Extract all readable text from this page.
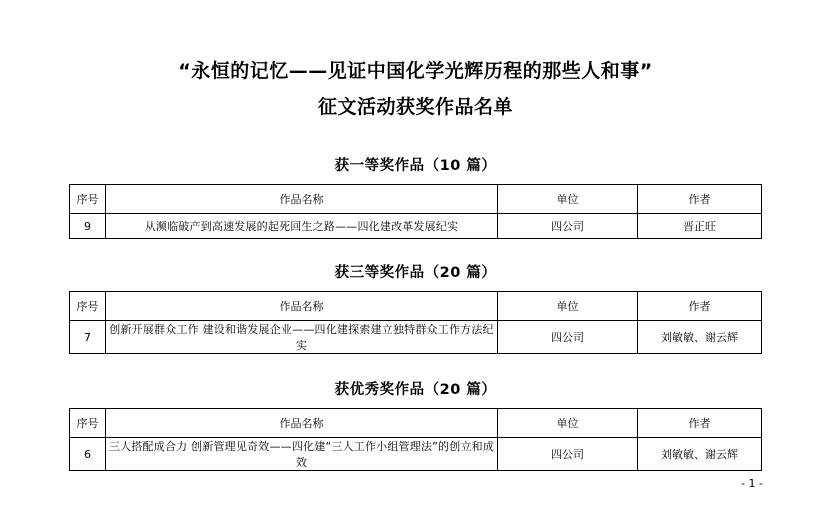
“永恒的记忆——见证中国化学光辉历程的那些人和事”
征文活动获奖作品名单
获一等奖作品（10 篇）
序号	作品名称	单位	作者
9	从濒临破产到高速发展的起死回生之路——四化建改革发展纪实	四公司	晋正旺
获三等奖作品（20 篇）
序号	作品名称	单位	作者
7	创新开展群众工作 建设和谐发展企业——四化建探索建立独特群众工作方法纪实	四公司	刘敏敏、谢云辉
获优秀奖作品（20 篇）
序号	作品名称	单位	作者
6	三人搭配成合力 创新管理见奇效——四化建“三人工作小组管理法”的创立和成效	四公司	刘敏敏、谢云辉
- 1 -
